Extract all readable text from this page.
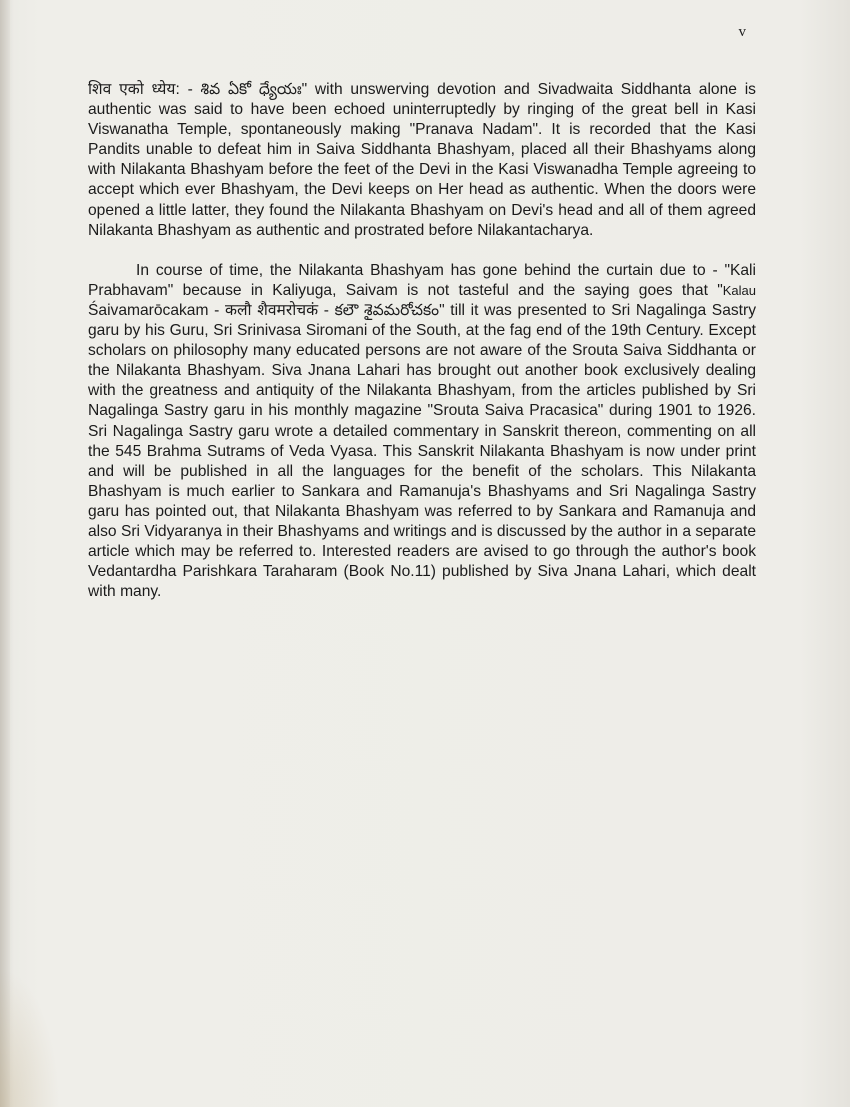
v

शिव एको ध्येय: - శివ ఏకో ధ్యేయః" with unswerving devotion and Sivadwaita Siddhanta alone is authentic was said to have been echoed uninterruptedly by ringing of the great bell in Kasi Viswanatha Temple, spontaneously making "Pranava Nadam". It is recorded that the Kasi Pandits unable to defeat him in Saiva Siddhanta Bhashyam, placed all their Bhashyams along with Nilakanta Bhashyam before the feet of the Devi in the Kasi Viswanadha Temple agreeing to accept which ever Bhashyam, the Devi keeps on Her head as authentic. When the doors were opened a little latter, they found the Nilakanta Bhashyam on Devi's head and all of them agreed Nilakanta Bhashyam as authentic and prostrated before Nilakantacharya.

In course of time, the Nilakanta Bhashyam has gone behind the curtain due to - "Kali Prabhavam" because in Kaliyuga, Saivam is not tasteful and the saying goes that "Kalau Śaivamarōcakam - कलौ शैवमरोचकं - కలౌ శైవమరోచకం" till it was presented to Sri Nagalinga Sastry garu by his Guru, Sri Srinivasa Siromani of the South, at the fag end of the 19th Century. Except scholars on philosophy many educated persons are not aware of the Srouta Saiva Siddhanta or the Nilakanta Bhashyam. Siva Jnana Lahari has brought out another book exclusively dealing with the greatness and antiquity of the Nilakanta Bhashyam, from the articles published by Sri Nagalinga Sastry garu in his monthly magazine "Srouta Saiva Pracasica" during 1901 to 1926. Sri Nagalinga Sastry garu wrote a detailed commentary in Sanskrit thereon, commenting on all the 545 Brahma Sutrams of Veda Vyasa. This Sanskrit Nilakanta Bhashyam is now under print and will be published in all the languages for the benefit of the scholars. This Nilakanta Bhashyam is much earlier to Sankara and Ramanuja's Bhashyams and Sri Nagalinga Sastry garu has pointed out, that Nilakanta Bhashyam was referred to by Sankara and Ramanuja and also Sri Vidyaranya in their Bhashyams and writings and is discussed by the author in a separate article which may be referred to. Interested readers are avised to go through the author's book Vedantardha Parishkara Taraharam (Book No.11) published by Siva Jnana Lahari, which dealt with many.
